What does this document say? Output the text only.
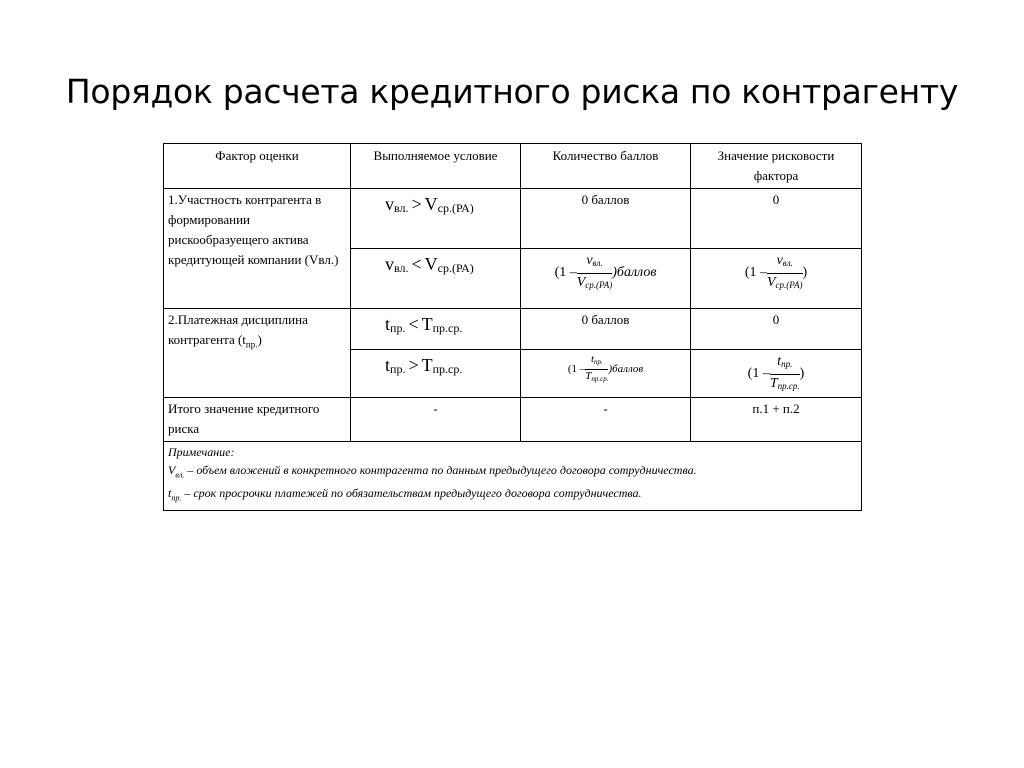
Порядок расчета кредитного риска по контрагенту
Фактор оценки	Выполняемое условие	Количество баллов	Значение рисковости фактора
1.Участность контрагента в формировании рискообразуещего актива кредитующей компании (Vвл.)	$v_{вл.} > V_{ср.(РА)}$	0 баллов	0
	$v_{вл.} < V_{ср.(РА)}$	($1 - \frac{v_{вл.}}{V_{ср.(РА)}}$ )баллов	($1 - \frac{v_{вл.}}{V_{ср.(РА)}}$ )

2.Платежная дисциплина контрагента $(t_{пр.})$	$t_{пр.} < T_{пр.ср.}$	0 баллов	0
	$t_{пр.} > T_{пр.ср.}$	($1 - \frac{t_{пр.}}{T_{пр.ср.}}$ )баллов	($1 - \frac{t_{пр.}}{T_{пр.ср.}}$ )

Итого значение кредитного риска	-	-	п.1 + п.2

Примечание:
$V_{вл.}$ – объем вложений в конкретного контрагента по данным предыдущего договора сотрудничества.
$t_{пр.}$ – срок просрочки платежей по обязательствам предыдущего договора сотрудничества.			
